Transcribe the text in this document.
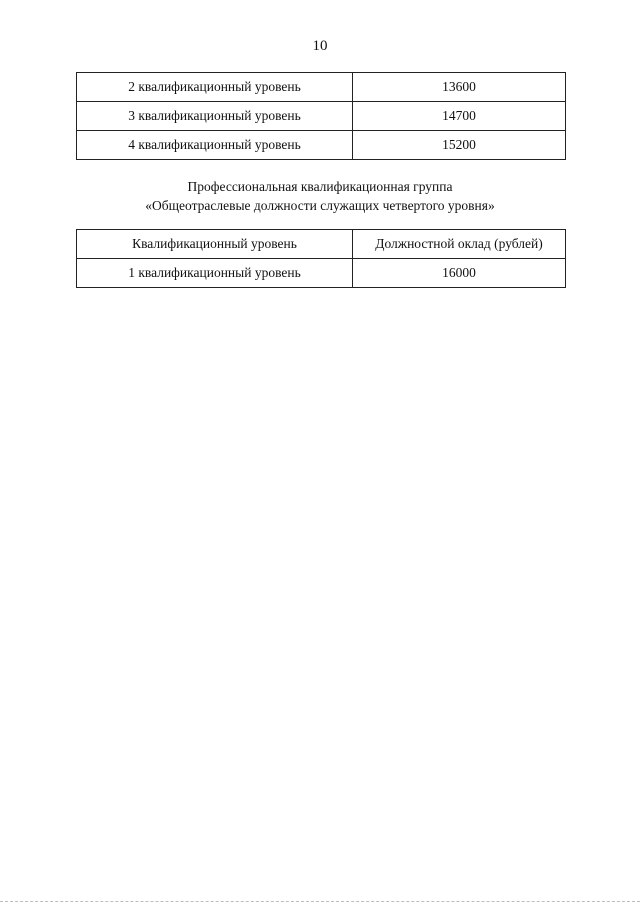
10
2 квалификационный уровень	13600
3 квалификационный уровень	14700
4 квалификационный уровень	15200
Профессиональная квалификационная группа
«Общеотраслевые должности служащих четвертого уровня»
Квалификационный уровень	Должностной оклад (рублей)
1 квалификационный уровень	16000
